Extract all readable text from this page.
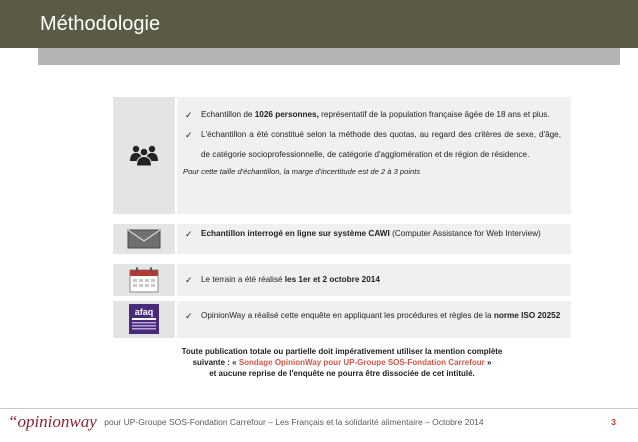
Méthodologie
✓ Echantillon de 1026 personnes, représentatif de la population française âgée de 18 ans et plus.
✓ L'échantillon a été constitué selon la méthode des quotas, au regard des critères de sexe, d'âge, de catégorie socioprofessionnelle, de catégorie d'agglomération et de région de résidence.
Pour cette taille d'échantillon, la marge d'incertitude est de 2 à 3 points
✓ Echantillon interrogé en ligne sur système CAWI (Computer Assistance for Web Interview)
✓ Le terrain a été réalisé les 1er et 2 octobre 2014
afaq	✓ OpinionWay a réalisé cette enquête en appliquant les procédures et règles de la norme ISO 20252
Toute publication totale ou partielle doit impérativement utiliser la mention complète
suivante : « Sondage OpinionWay pour UP-Groupe SOS-Fondation Carrefour »
et aucune reprise de l'enquête ne pourra être dissociée de cet intitulé.
“opinionway pour UP-Groupe SOS-Fondation Carrefour – Les Français et la solidarité alimentaire – Octobre 2014	3
